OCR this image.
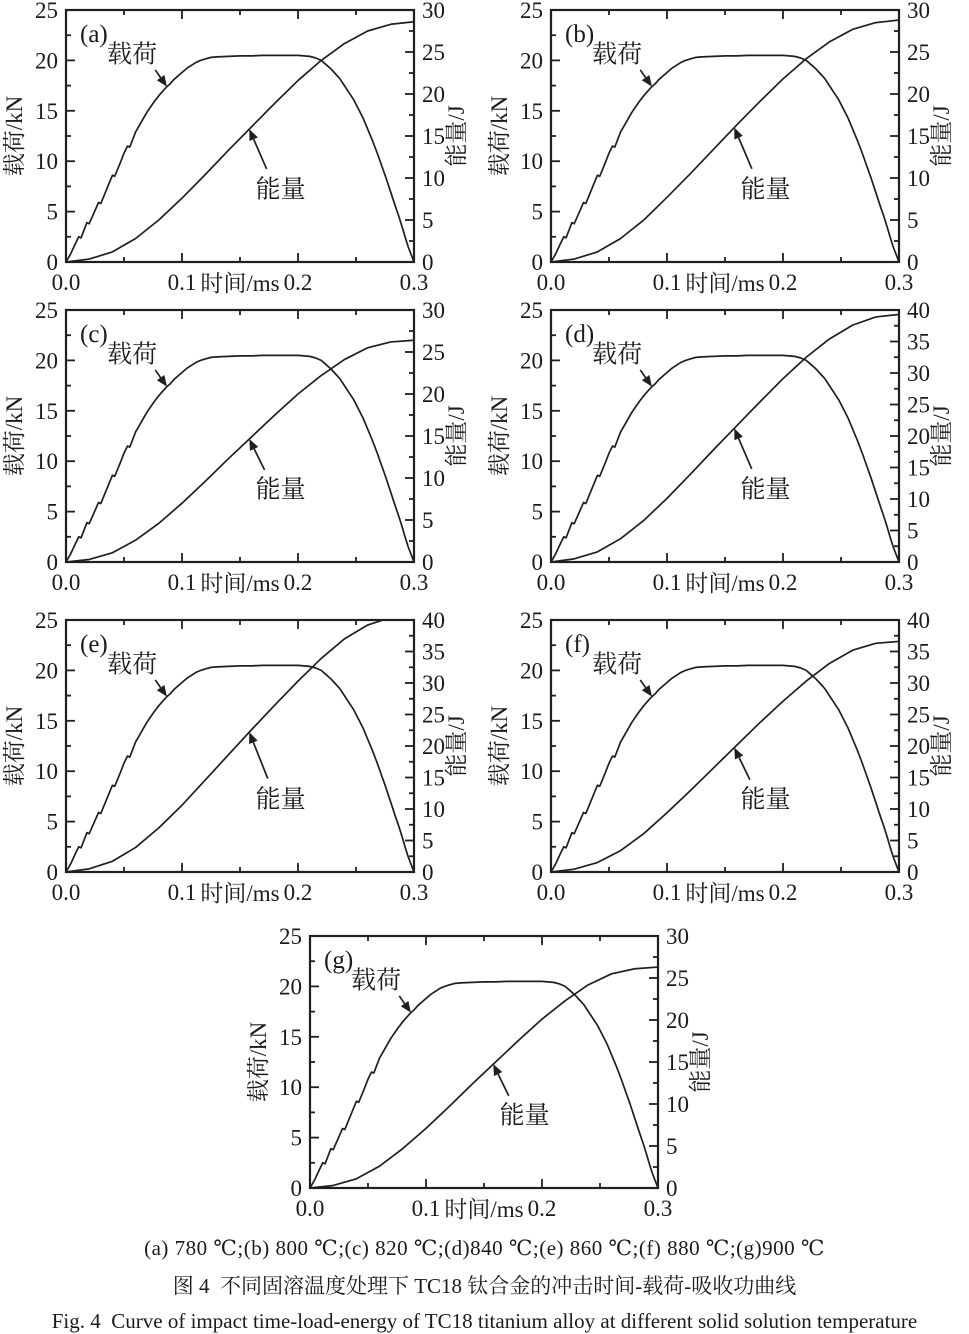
0.0	0.1	0.2	0.3
0
5
10
15
20
25
0
5
10
15
20
25
30
载荷/kN	能量/J
时间/ms
(a)
载荷
能量
0.0	0.1	0.2	0.3
0
5
10
15
20
25
0
5
10
15
20
25
30
载荷/kN	能量/J
时间/ms
(b)
载荷
能量
0.0	0.1	0.2	0.3
0
5
10
15
20
25
0
5
10
15
20
25
30
载荷/kN	能量/J
时间/ms
(c)
载荷
能量
0.0	0.1	0.2	0.3
0
5
10
15
20
25
0
5
10
15
20
25
30
35
40
载荷/kN	能量/J
时间/ms
(d)
载荷
能量
0.0	0.1	0.2	0.3
0
5
10
15
20
25
0
5
10
15
20
25
30
35
40
载荷/kN	能量/J
时间/ms
(e)
载荷
能量
0.0	0.1	0.2	0.3
0
5
10
15
20
25
0
5
10
15
20
25
30
35
40
载荷/kN	能量/J
时间/ms
(f)
载荷
能量
0.0	0.1	0.2	0.3
0
5
10
15
20
25
0
5
10
15
20
25
30
载荷/kN	能量/J
时间/ms
(g)
载荷
能量
(a) 780 ℃;(b) 800 ℃;(c) 820 ℃;(d)840 ℃;(e) 860 ℃;(f) 880 ℃;(g)900 ℃
图 4  不同固溶温度处理下 TC18 钛合金的冲击时间-载荷-吸收功曲线
Fig. 4  Curve of impact time-load-energy of TC18 titanium alloy at different solid solution temperature
